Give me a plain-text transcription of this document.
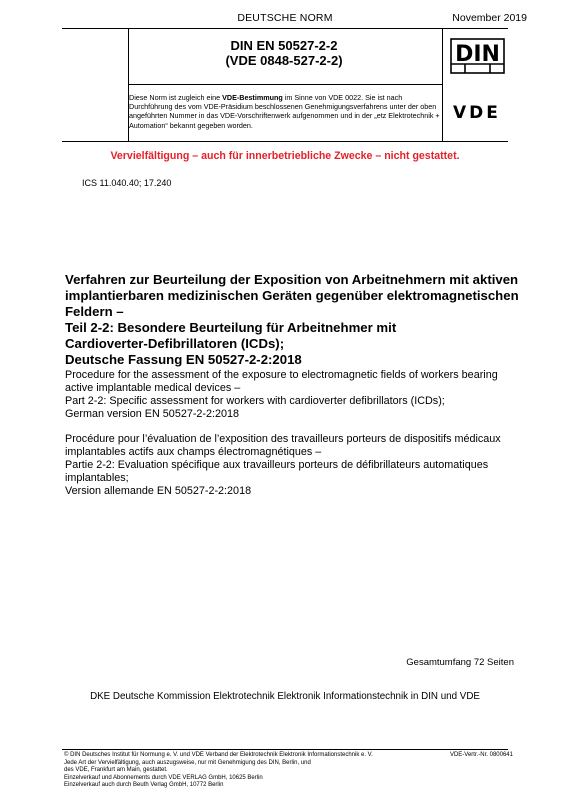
DEUTSCHE NORM	November 2019
DIN EN 50527-2-2
(VDE 0848-527-2-2)
Diese Norm ist zugleich eine VDE-Bestimmung im Sinne von VDE 0022. Sie ist nach Durchführung des vom VDE-Präsidium beschlossenen Genehmigungsverfahrens unter der oben angeführten Nummer in das VDE-Vorschriftenwerk aufgenommen und in der „etz Elektrotechnik + Automation“ bekannt gegeben worden.
DIN
VDE
Vervielfältigung – auch für innerbetriebliche Zwecke – nicht gestattet.
ICS 11.040.40; 17.240
Verfahren zur Beurteilung der Exposition von Arbeitnehmern mit aktiven
implantierbaren medizinischen Geräten gegenüber elektromagnetischen
Feldern –
Teil 2-2: Besondere Beurteilung für Arbeitnehmer mit
Cardioverter-Defibrillatoren (ICDs);
Deutsche Fassung EN 50527-2-2:2018
Procedure for the assessment of the exposure to electromagnetic fields of workers bearing
active implantable medical devices –
Part 2-2: Specific assessment for workers with cardioverter defibrillators (ICDs);
German version EN 50527-2-2:2018
Procédure pour l’évaluation de l’exposition des travailleurs porteurs de dispositifs médicaux
implantables actifs aux champs électromagnétiques –
Partie 2-2: Evaluation spécifique aux travailleurs porteurs de défibrillateurs automatiques
implantables;
Version allemande EN 50527-2-2:2018
Gesamtumfang 72 Seiten
DKE Deutsche Kommission Elektrotechnik Elektronik Informationstechnik in DIN und VDE
© DIN Deutsches Institut für Normung e. V. und VDE Verband der Elektrotechnik Elektronik Informationstechnik e. V.
Jede Art der Vervielfältigung, auch auszugsweise, nur mit Genehmigung des DIN, Berlin, und
des VDE, Frankfurt am Main, gestattet.
Einzelverkauf und Abonnements durch VDE VERLAG GmbH, 10625 Berlin
Einzelverkauf auch durch Beuth Verlag GmbH, 10772 Berlin
VDE-Vertr.-Nr. 0800641
